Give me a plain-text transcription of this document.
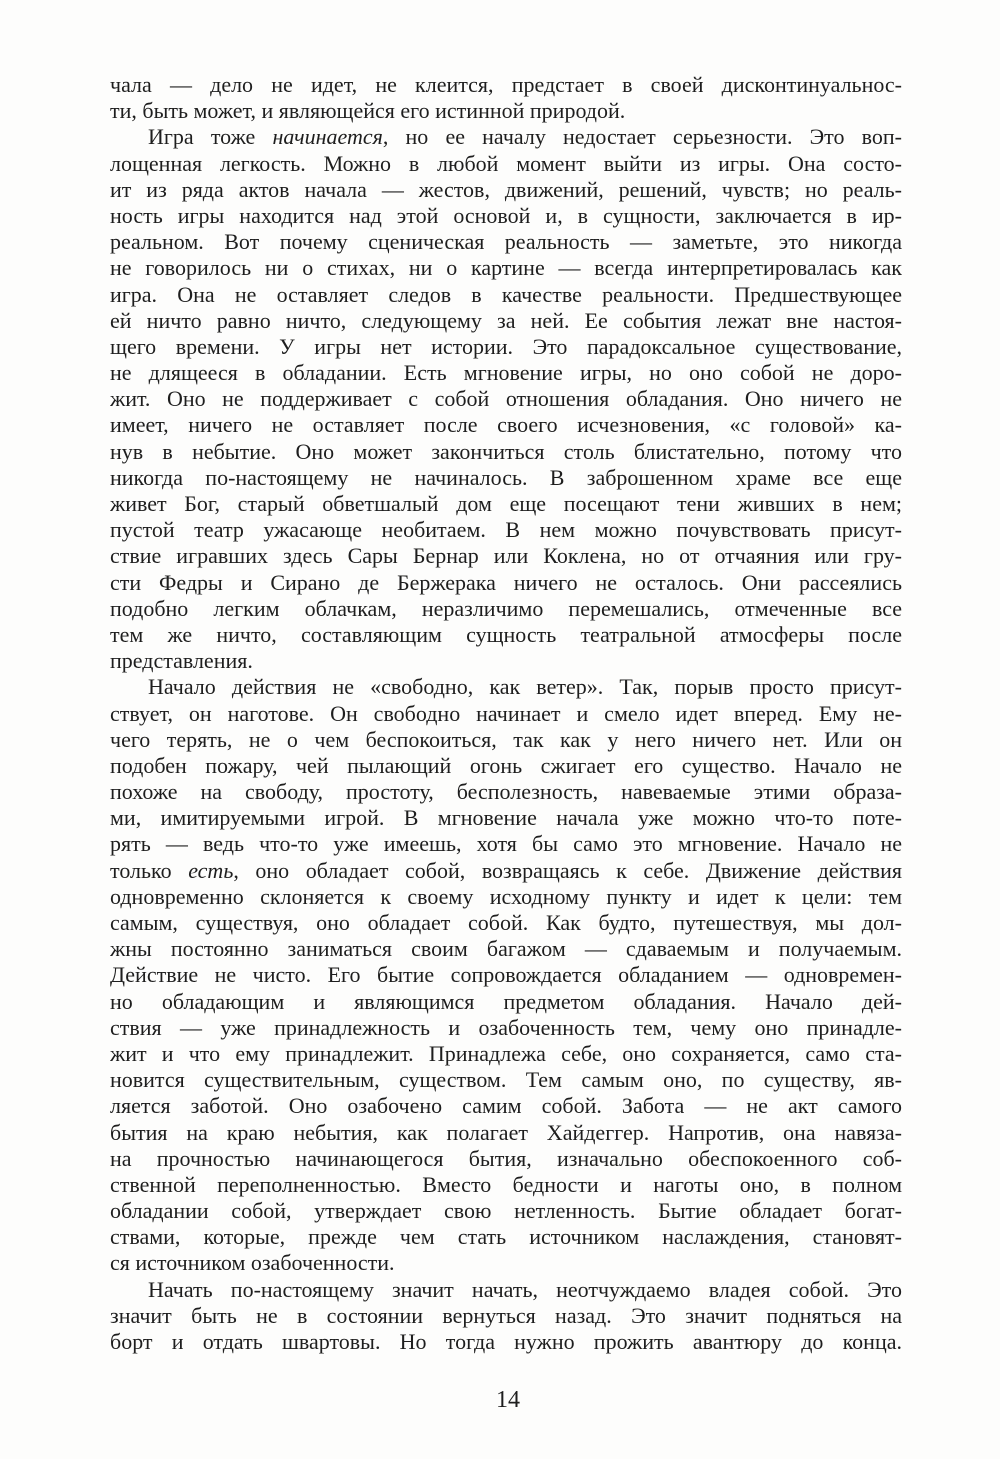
чала — дело не идет, не клеится, предстает в своей дисконтинуальнос-
ти, быть может, и являющейся его истинной природой.
Игра тоже начинается, но ее началу недостает серьезности. Это воп-
лощенная легкость. Можно в любой момент выйти из игры. Она состо-
ит из ряда актов начала — жестов, движений, решений, чувств; но реаль-
ность игры находится над этой основой и, в сущности, заключается в ир-
реальном. Вот почему сценическая реальность — заметьте, это никогда
не говорилось ни о стихах, ни о картине — всегда интерпретировалась как
игра. Она не оставляет следов в качестве реальности. Предшествующее
ей ничто равно ничто, следующему за ней. Ее события лежат вне настоя-
щего времени. У игры нет истории. Это парадоксальное существование,
не длящееся в обладании. Есть мгновение игры, но оно собой не доро-
жит. Оно не поддерживает с собой отношения обладания. Оно ничего не
имеет, ничего не оставляет после своего исчезновения, «с головой» ка-
нув в небытие. Оно может закончиться столь блистательно, потому что
никогда по-настоящему не начиналось. В заброшенном храме все еще
живет Бог, старый обветшалый дом еще посещают тени живших в нем;
пустой театр ужасающе необитаем. В нем можно почувствовать присут-
ствие игравших здесь Сары Бернар или Коклена, но от отчаяния или гру-
сти Федры и Сирано де Бержерака ничего не осталось. Они рассеялись
подобно легким облачкам, неразличимо перемешались, отмеченные все
тем же ничто, составляющим сущность театральной атмосферы после
представления.
Начало действия не «свободно, как ветер». Так, порыв просто присут-
ствует, он наготове. Он свободно начинает и смело идет вперед. Ему не-
чего терять, не о чем беспокоиться, так как у него ничего нет. Или он
подобен пожару, чей пылающий огонь сжигает его существо. Начало не
похоже на свободу, простоту, бесполезность, навеваемые этими образа-
ми, имитируемыми игрой. В мгновение начала уже можно что-то поте-
рять — ведь что-то уже имеешь, хотя бы само это мгновение. Начало не
только есть, оно обладает собой, возвращаясь к себе. Движение действия
одновременно склоняется к своему исходному пункту и идет к цели: тем
самым, существуя, оно обладает собой. Как будто, путешествуя, мы дол-
жны постоянно заниматься своим багажом — сдаваемым и получаемым.
Действие не чисто. Его бытие сопровождается обладанием — одновремен-
но обладающим и являющимся предметом обладания. Начало дей-
ствия — уже принадлежность и озабоченность тем, чему оно принадле-
жит и что ему принадлежит. Принадлежа себе, оно сохраняется, само ста-
новится существительным, существом. Тем самым оно, по существу, яв-
ляется заботой. Оно озабочено самим собой. Забота — не акт самого
бытия на краю небытия, как полагает Хайдеггер. Напротив, она навяза-
на прочностью начинающегося бытия, изначально обеспокоенного соб-
ственной переполненностью. Вместо бедности и наготы оно, в полном
обладании собой, утверждает свою нетленность. Бытие обладает богат-
ствами, которые, прежде чем стать источником наслаждения, становят-
ся источником озабоченности.
Начать по-настоящему значит начать, неотчуждаемо владея собой. Это
значит быть не в состоянии вернуться назад. Это значит подняться на
борт и отдать швартовы. Но тогда нужно прожить авантюру до конца.
14
